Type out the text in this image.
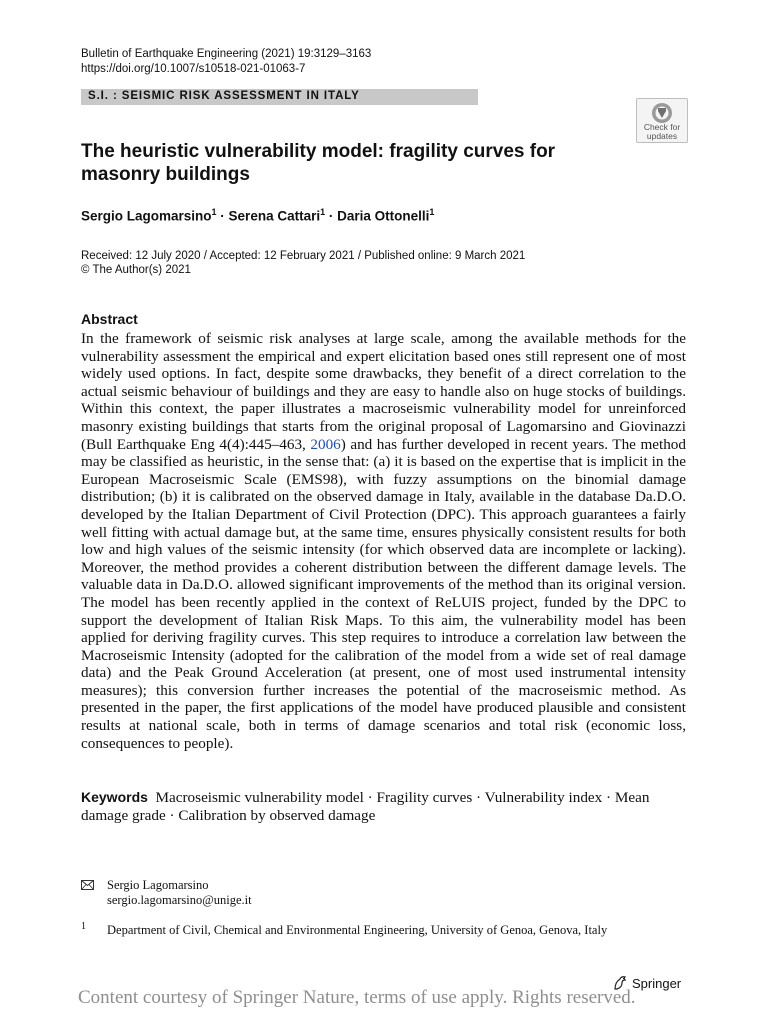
Bulletin of Earthquake Engineering (2021) 19:3129–3163
https://doi.org/10.1007/s10518-021-01063-7
S.I. : SEISMIC RISK ASSESSMENT IN ITALY
Check for updates
The heuristic vulnerability model: fragility curves for masonry buildings
Sergio Lagomarsino$^1$ · Serena Cattari$^1$ · Daria Ottonelli$^1$
Received: 12 July 2020 / Accepted: 12 February 2021 / Published online: 9 March 2021
© The Author(s) 2021
Abstract
In the framework of seismic risk analyses at large scale, among the available methods for the vulnerability assessment the empirical and expert elicitation based ones still represent one of most widely used options. In fact, despite some drawbacks, they benefit of a direct correlation to the actual seismic behaviour of buildings and they are easy to handle also on huge stocks of buildings. Within this context, the paper illustrates a macroseismic vulnerability model for unreinforced masonry existing buildings that starts from the original proposal of Lagomarsino and Giovinazzi (Bull Earthquake Eng 4(4):445–463, 2006) and has further developed in recent years. The method may be classified as heuristic, in the sense that: (a) it is based on the expertise that is implicit in the European Macroseismic Scale (EMS98), with fuzzy assumptions on the binomial damage distribution; (b) it is calibrated on the observed damage in Italy, available in the database Da.D.O. developed by the Italian Department of Civil Protection (DPC). This approach guarantees a fairly well fitting with actual damage but, at the same time, ensures physically consistent results for both low and high values of the seismic intensity (for which observed data are incomplete or lacking). Moreover, the method provides a coherent distribution between the different damage levels. The valuable data in Da.D.O. allowed significant improvements of the method than its original version. The model has been recently applied in the context of ReLUIS project, funded by the DPC to support the development of Italian Risk Maps. To this aim, the vulnerability model has been applied for deriving fragility curves. This step requires to introduce a correlation law between the Macroseismic Intensity (adopted for the calibration of the model from a wide set of real damage data) and the Peak Ground Acceleration (at present, one of most used instrumental intensity measures); this conversion further increases the potential of the macroseismic method. As presented in the paper, the first applications of the model have produced plausible and consistent results at national scale, both in terms of damage scenarios and total risk (economic loss, consequences to people).
Keywords Macroseismic vulnerability model · Fragility curves · Vulnerability index · Mean damage grade · Calibration by observed damage
Sergio Lagomarsino
sergio.lagomarsino@unige.it
1 Department of Civil, Chemical and Environmental Engineering, University of Genoa, Genova, Italy
Springer
Content courtesy of Springer Nature, terms of use apply. Rights reserved.
